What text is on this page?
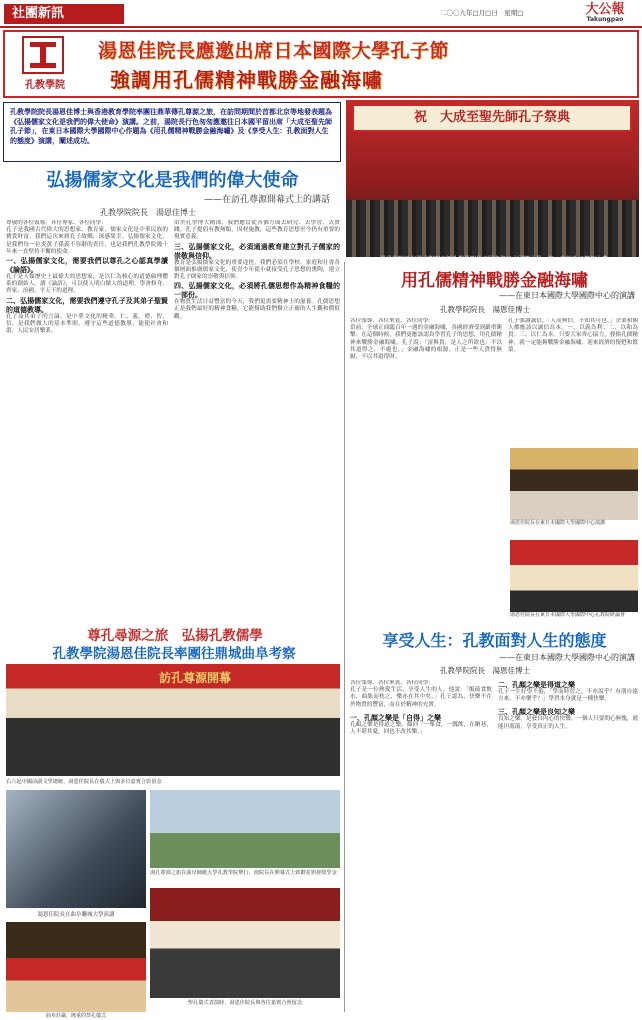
社團新訊	二〇〇九年□月□日　星期□	大公報
Takungpao
孔教學院
湯恩佳院長應邀出席日本國際大學孔子節
強調用孔儒精神戰勝金融海嘯
孔教學院院長湯恩佳博士與香港教育學院率團往鼎華傳孔尊源之旅，在訪問期間於首都北京等地發表題為《弘揚儒家文化是我們的偉大使命》演講。之前，湯院長行色匆匆應邀往日本國平留出席「大成至聖先師孔子節」，在東日本國際大學國際中心作題為《用孔儒精神戰勝金融海嘯》及《享受人生：孔教面對人生的態度》演講，闡述成功。
祝　大成至聖先師孔子祭典
湯恩佳院長在儀式期間率領孔教學院代表團參與日本國際大學一年一度的孔子祭祀大典
弘揚儒家文化是我們的偉大使命
——在訪孔尊源開幕式上的講話
孔教學院院長　湯恩佳博士
尊敬的各位領導、各位專家、各位同學：
孔子是我國古代偉大的思想家、教育家，儒家文化是中華民族的寶貴財富。我們這次來到孔子故鄉，深感榮幸。弘揚儒家文化，是我們每一位炎黃子孫義不容辭的責任，也是我們孔教學院幾十年來一直堅持不懈的使命。
一、弘揚儒家文化，需要我們以尊孔之心認真學讀《論語》。
孔子是人類歷史上最偉大的思想家，是以仁為核心的道德倫理體系的創始人。讀《論語》，可以使人明白做人的道理，學會修身、齊家、治國、平天下的道理。
二、弘揚儒家文化，需要我們遵守孔子及其弟子聖賢的道德教導。
孔子及其弟子的言論，是中華文化的精華。仁、義、禮、智、信，是我們做人的基本準則。遵守這些道德教導，能使社會和諧，人民安居樂業。
由於孔學博大精深，我們應當從各個方面去研究、去學習、去實踐。孔子提倡有教無類，因材施教，這些教育思想至今仍有重要的現實意義。
三、弘揚儒家文化，必須通過教育建立對孔子儒家的崇敬與信仰。
教育是弘揚儒家文化的重要途徑。我們必須在學校、家庭和社會各個層面推廣儒家文化，使青少年從小就接受孔子思想的熏陶，建立對孔子儒家的崇敬與信仰。
四、弘揚儒家文化，必須將孔儒思想作為精神食糧的一部份。
在物質生活日益豐富的今天，我們更需要精神上的滋養。孔儒思想正是我們最好的精神食糧，它能幫助我們樹立正確的人生觀和價值觀。
用孔儒精神戰勝金融海嘯
——在東日本國際大學國際中心的演講
孔教學院院長　湯恩佳博士
各位領導、各位來賓、各位同學：
當前，全球正面臨百年一遇的金融海嘯，各國經濟受到嚴重衝擊。在這個時候，我們更應該認真學習孔子的思想，用孔儒精神來戰勝金融海嘯。孔子說：「富與貴，是人之所欲也；不以其道得之，不處也。」金融海嘯的根源，正是一些人貪得無厭，不以其道得財。
孔子強調誠信，「人而無信，不知其可也。」企業和個人都應該以誠信為本。一、以義為利；二、以和為貴；三、以仁為本。只要大家齊心協力，發揚孔儒精神，就一定能夠戰勝金融海嘯，迎來經濟的復甦和繁榮。
湯恩佳院長在東日本國際大學國際中心演講
湯恩佳院長在東日本國際大學國際中心孔教院研論會
享受人生：孔教面對人生的態度
——在東日本國際大學國際中心的演講
孔教學院院長　湯恩佳博士
各位領導、各位來賓、各位同學：
孔子是一位熱愛生活、享受人生的人。他說：「飯疏食飲水，曲肱而枕之，樂亦在其中矣。」孔子認為，快樂不在於物質的豐富，而在於精神的充實。
一、孔顏之樂是「自得」之樂
孔顏之樂是得道之樂。顏回「一簞食，一瓢飲，在陋巷，人不堪其憂，回也不改其樂。」
二、孔顏之樂是得道之樂
孔子一生好學不倦，「學而時習之，不亦說乎？有朋自遠方來，不亦樂乎？」學習本身就是一種快樂。
三、孔顏之樂是良知之樂
良知之樂，是發自內心的快樂。一個人只要問心無愧，就能坦蕩蕩，享受真正的人生。
尊孔尋源之旅　弘揚孔教儒學
孔教學院湯恩佳院長率團往鼎城曲阜考察
訪孔尊源開幕
右六起中國前副文學總統、湯恩佳院長在儀式上與多位嘉賓合影留念
湯恩佳院長在曲阜聯城大學演講
湯孔尊源之旅在曲阜師範大學孔教學院舉行，湯院長在開幕式上致辭並頒發獎學金
曲阜莊嚴，隆重的祭孔儀式
聖孔儀式表演時，湯恩佳院長與各位嘉賓合照留念
